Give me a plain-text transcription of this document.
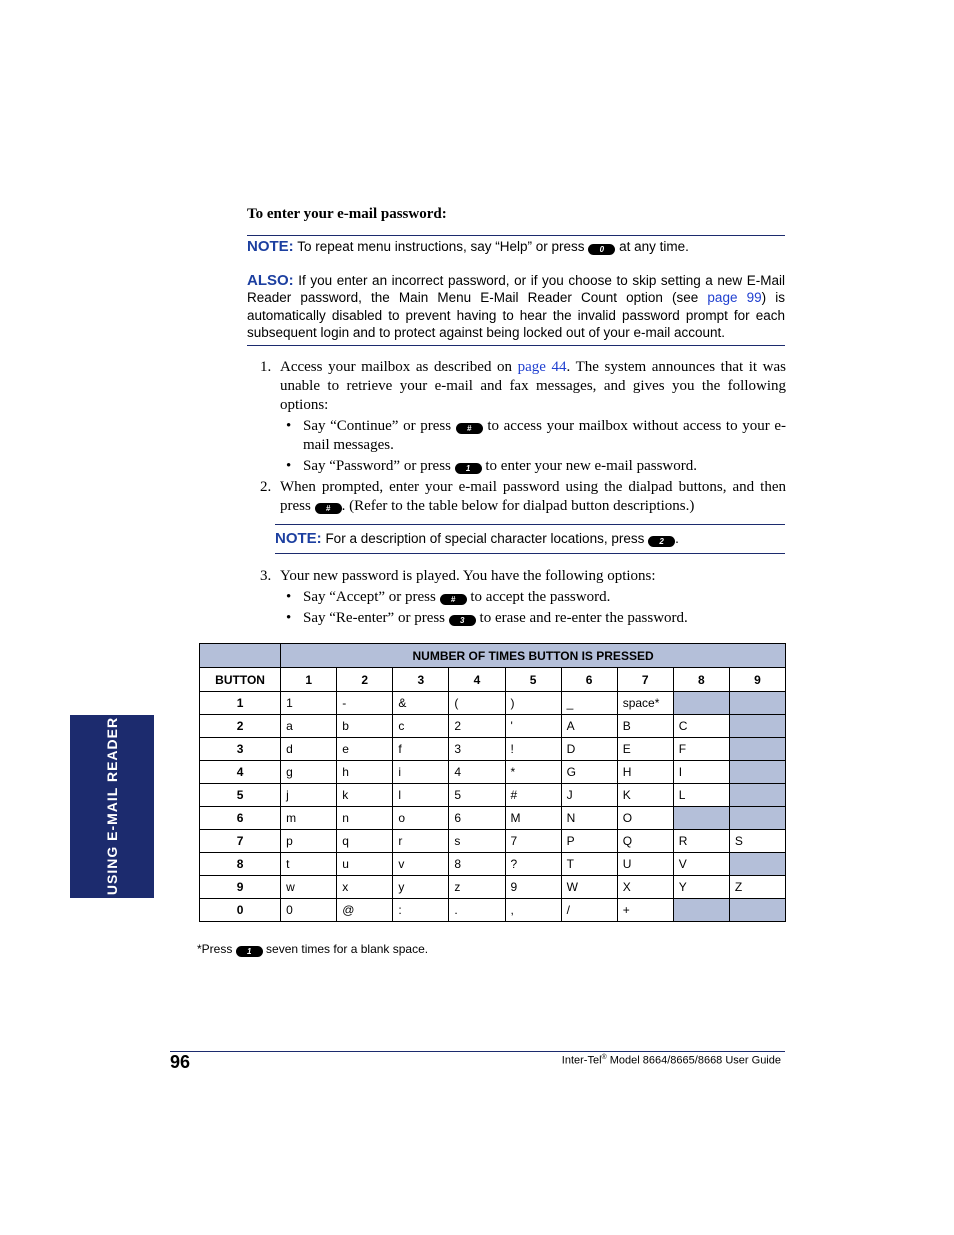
USING E-MAIL READER
To enter your e-mail password:
NOTE: To repeat menu instructions, say “Help” or press 0 at any time.
ALSO: If you enter an incorrect password, or if you choose to skip setting a new E-Mail Reader password, the Main Menu E-Mail Reader Count option (see page 99) is automatically disabled to prevent having to hear the invalid password prompt for each subsequent login and to protect against being locked out of your e-mail account.
1. Access your mailbox as described on page 44. The system announces that it was unable to retrieve your e-mail and fax messages, and gives you the following options:
• Say “Continue” or press # to access your mailbox without access to your e-mail messages.
• Say “Password” or press 1 to enter your new e-mail password.
2. When prompted, enter your e-mail password using the dialpad buttons, and then press # . (Refer to the table below for dialpad button descriptions.)
NOTE: For a description of special character locations, press 2 .
3. Your new password is played. You have the following options:
• Say “Accept” or press # to accept the password.
• Say “Re-enter” or press 3 to erase and re-enter the password.
	NUMBER OF TIMES BUTTON IS PRESSED								
BUTTON	1	2	3	4	5	6	7	8	9
1	1	-	&	(	)	_	space*		
2	a	b	c	2	'	A	B	C	
3	d	e	f	3	!	D	E	F	
4	g	h	i	4	*	G	H	I	
5	j	k	l	5	#	J	K	L	
6	m	n	o	6	M	N	O		
7	p	q	r	s	7	P	Q	R	S
8	t	u	v	8	?	T	U	V	
9	w	x	y	z	9	W	X	Y	Z
0	0	@	:	.	,	/	+		
*Press 1 seven times for a blank space.
96	Inter-Tel® Model 8664/8665/8668 User Guide
